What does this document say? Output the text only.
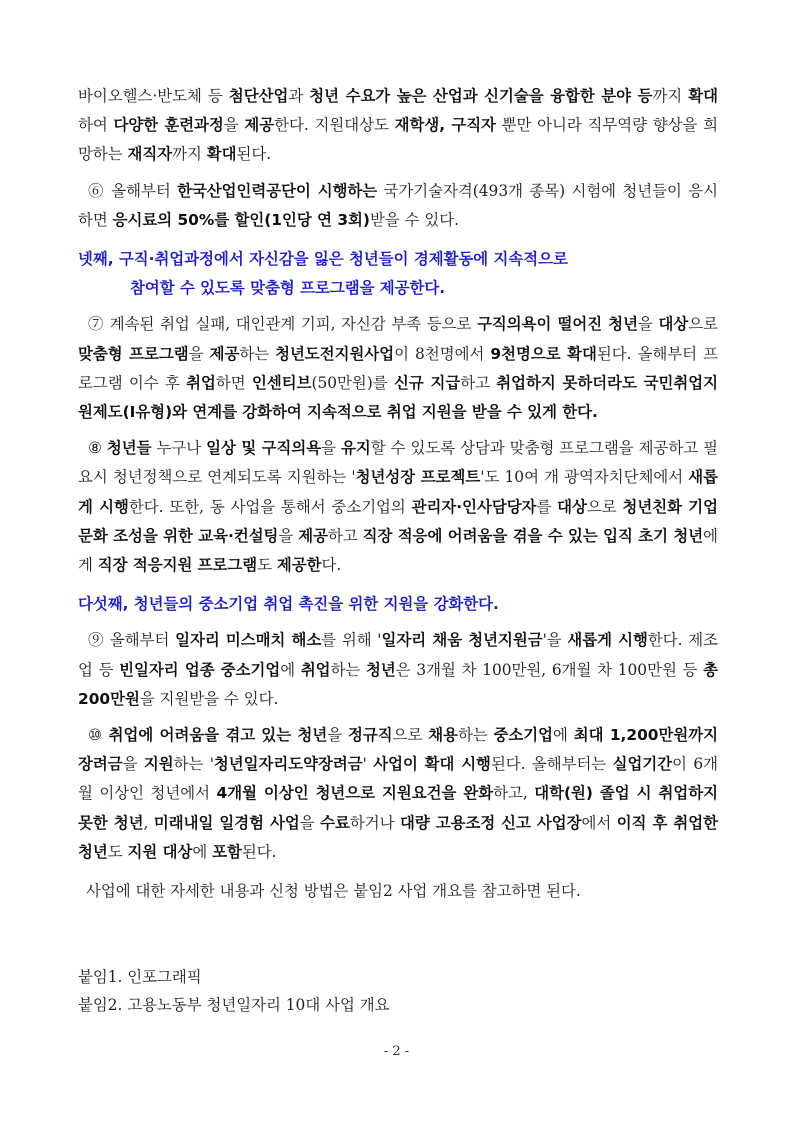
바이오헬스·반도체 등 첨단산업과 청년 수요가 높은 산업과 신기술을 융합한 분야 등까지 확대하여 다양한 훈련과정을 제공한다. 지원대상도 재학생, 구직자 뿐만 아니라 직무역량 향상을 희망하는 재직자까지 확대된다.

⑥ 올해부터 한국산업인력공단이 시행하는 국가기술자격(493개 종목) 시험에 청년들이 응시하면 응시료의 50%를 할인(1인당 연 3회)받을 수 있다.

넷째, 구직·취업과정에서 자신감을 잃은 청년들이 경제활동에 지속적으로
참여할 수 있도록 맞춤형 프로그램을 제공한다.

⑦ 계속된 취업 실패, 대인관계 기피, 자신감 부족 등으로 구직의욕이 떨어진 청년을 대상으로 맞춤형 프로그램을 제공하는 청년도전지원사업이 8천명에서 9천명으로 확대된다. 올해부터 프로그램 이수 후 취업하면 인센티브(50만원)를 신규 지급하고 취업하지 못하더라도 국민취업지원제도(Ⅰ유형)와 연계를 강화하여 지속적으로 취업 지원을 받을 수 있게 한다.

⑧ 청년들 누구나 일상 및 구직의욕을 유지할 수 있도록 상담과 맞춤형 프로그램을 제공하고 필요시 청년정책으로 연계되도록 지원하는 '청년성장 프로젝트'도 10여 개 광역자치단체에서 새롭게 시행한다. 또한, 동 사업을 통해서 중소기업의 관리자·인사담당자를 대상으로 청년친화 기업문화 조성을 위한 교육·컨설팅을 제공하고 직장 적응에 어려움을 겪을 수 있는 입직 초기 청년에게 직장 적응지원 프로그램도 제공한다.

다섯째, 청년들의 중소기업 취업 촉진을 위한 지원을 강화한다.

⑨ 올해부터 일자리 미스매치 해소를 위해 '일자리 채움 청년지원금'을 새롭게 시행한다. 제조업 등 빈일자리 업종 중소기업에 취업하는 청년은 3개월 차 100만원, 6개월 차 100만원 등 총 200만원을 지원받을 수 있다.

⑩ 취업에 어려움을 겪고 있는 청년을 정규직으로 채용하는 중소기업에 최대 1,200만원까지 장려금을 지원하는 '청년일자리도약장려금' 사업이 확대 시행된다. 올해부터는 실업기간이 6개월 이상인 청년에서 4개월 이상인 청년으로 지원요건을 완화하고, 대학(원) 졸업 시 취업하지 못한 청년, 미래내일 일경험 사업을 수료하거나 대량 고용조정 신고 사업장에서 이직 후 취업한 청년도 지원 대상에 포함된다.

사업에 대한 자세한 내용과 신청 방법은 붙임2 사업 개요를 참고하면 된다.

붙임1. 인포그래픽
붙임2. 고용노동부 청년일자리 10대 사업 개요
- 2 -
